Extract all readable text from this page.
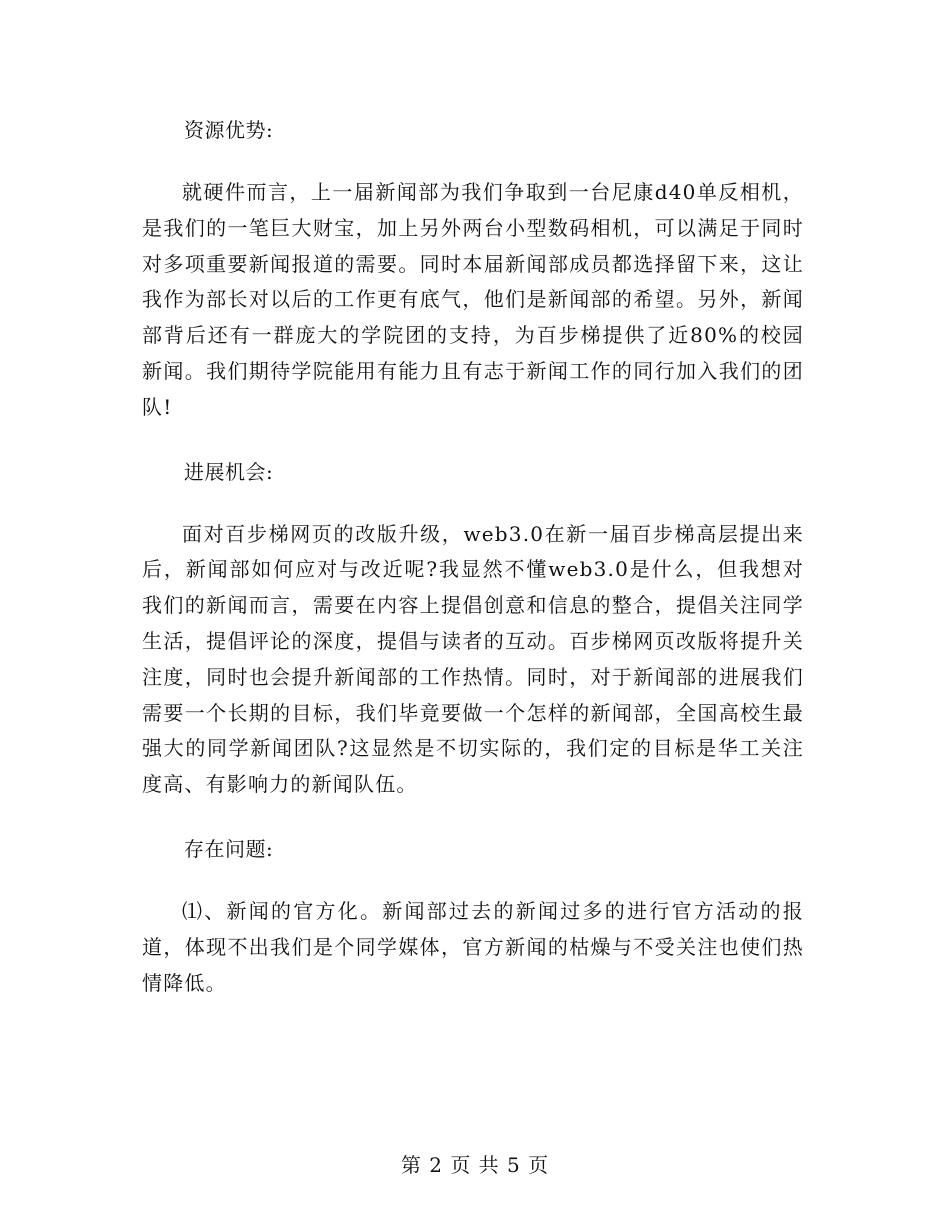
资源优势:

就硬件而言，上一届新闻部为我们争取到一台尼康d40单反相机，是我们的一笔巨大财宝，加上另外两台小型数码相机，可以满足于同时对多项重要新闻报道的需要。同时本届新闻部成员都选择留下来，这让我作为部长对以后的工作更有底气，他们是新闻部的希望。另外，新闻部背后还有一群庞大的学院团的支持，为百步梯提供了近80%的校园新闻。我们期待学院能用有能力且有志于新闻工作的同行加入我们的团队!

进展机会:

面对百步梯网页的改版升级，web3.0在新一届百步梯高层提出来后，新闻部如何应对与改近呢?我显然不懂web3.0是什么，但我想对我们的新闻而言，需要在内容上提倡创意和信息的整合，提倡关注同学生活，提倡评论的深度，提倡与读者的互动。百步梯网页改版将提升关注度，同时也会提升新闻部的工作热情。同时，对于新闻部的进展我们需要一个长期的目标，我们毕竟要做一个怎样的新闻部，全国高校生最强大的同学新闻团队?这显然是不切实际的，我们定的目标是华工关注度高、有影响力的新闻队伍。

存在问题:

⑴、新闻的官方化。新闻部过去的新闻过多的进行官方活动的报道，体现不出我们是个同学媒体，官方新闻的枯燥与不受关注也使们热情降低。

第 2 页 共 5 页
